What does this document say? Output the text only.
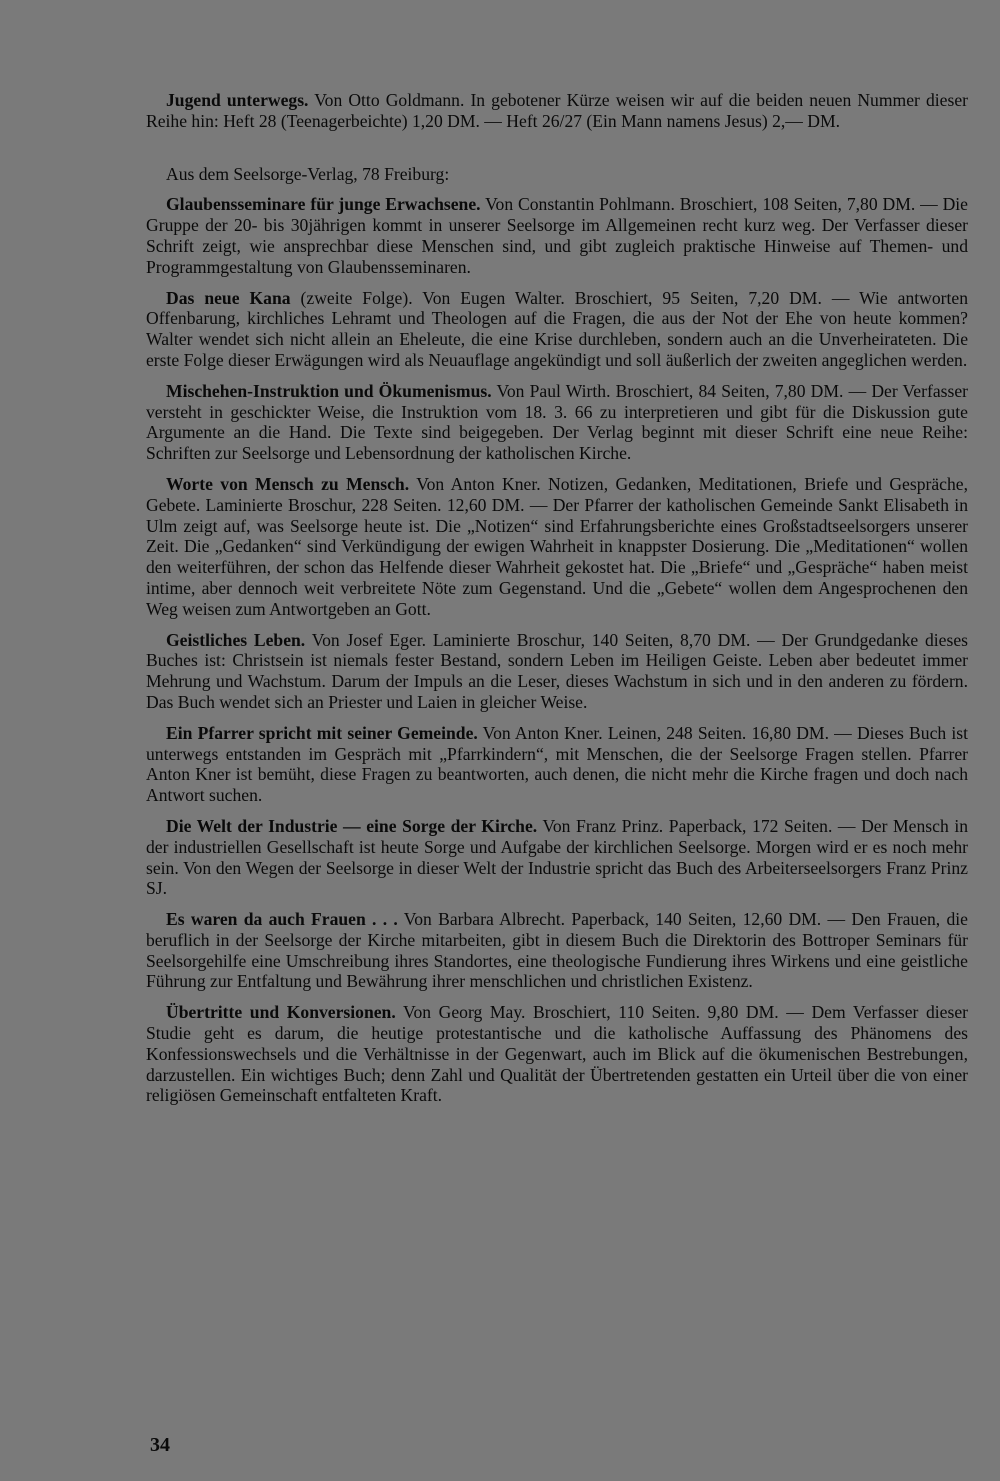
Jugend unterwegs. Von Otto Goldmann. In gebotener Kürze weisen wir auf die beiden neuen Nummer dieser Reihe hin: Heft 28 (Teenagerbeichte) 1,20 DM. — Heft 26/27 (Ein Mann namens Jesus) 2,— DM.

Aus dem Seelsorge-Verlag, 78 Freiburg:

Glaubensseminare für junge Erwachsene. Von Constantin Pohlmann. Broschiert, 108 Seiten, 7,80 DM. — Die Gruppe der 20- bis 30jährigen kommt in unserer Seelsorge im Allgemeinen recht kurz weg. Der Verfasser dieser Schrift zeigt, wie ansprechbar diese Menschen sind, und gibt zugleich praktische Hinweise auf Themen- und Programmgestaltung von Glaubensseminaren.

Das neue Kana (zweite Folge). Von Eugen Walter. Broschiert, 95 Seiten, 7,20 DM. — Wie antworten Offenbarung, kirchliches Lehramt und Theologen auf die Fragen, die aus der Not der Ehe von heute kommen? Walter wendet sich nicht allein an Eheleute, die eine Krise durchleben, sondern auch an die Unverheirateten. Die erste Folge dieser Erwägungen wird als Neuauflage angekündigt und soll äußerlich der zweiten angeglichen werden.

Mischehen-Instruktion und Ökumenismus. Von Paul Wirth. Broschiert, 84 Seiten, 7,80 DM. — Der Verfasser versteht in geschickter Weise, die Instruktion vom 18. 3. 66 zu interpretieren und gibt für die Diskussion gute Argumente an die Hand. Die Texte sind beigegeben. Der Verlag beginnt mit dieser Schrift eine neue Reihe: Schriften zur Seelsorge und Lebensordnung der katholischen Kirche.

Worte von Mensch zu Mensch. Von Anton Kner. Notizen, Gedanken, Meditationen, Briefe und Gespräche, Gebete. Laminierte Broschur, 228 Seiten. 12,60 DM. — Der Pfarrer der katholischen Gemeinde Sankt Elisabeth in Ulm zeigt auf, was Seelsorge heute ist. Die „Notizen“ sind Erfahrungsberichte eines Großstadtseelsorgers unserer Zeit. Die „Gedanken“ sind Verkündigung der ewigen Wahrheit in knappster Dosierung. Die „Meditationen“ wollen den weiterführen, der schon das Helfende dieser Wahrheit gekostet hat. Die „Briefe“ und „Gespräche“ haben meist intime, aber dennoch weit verbreitete Nöte zum Gegenstand. Und die „Gebete“ wollen dem Angesprochenen den Weg weisen zum Antwortgeben an Gott.

Geistliches Leben. Von Josef Eger. Laminierte Broschur, 140 Seiten, 8,70 DM. — Der Grundgedanke dieses Buches ist: Christsein ist niemals fester Bestand, sondern Leben im Heiligen Geiste. Leben aber bedeutet immer Mehrung und Wachstum. Darum der Impuls an die Leser, dieses Wachstum in sich und in den anderen zu fördern. Das Buch wendet sich an Priester und Laien in gleicher Weise.

Ein Pfarrer spricht mit seiner Gemeinde. Von Anton Kner. Leinen, 248 Seiten. 16,80 DM. — Dieses Buch ist unterwegs entstanden im Gespräch mit „Pfarrkindern“, mit Menschen, die der Seelsorge Fragen stellen. Pfarrer Anton Kner ist bemüht, diese Fragen zu beantworten, auch denen, die nicht mehr die Kirche fragen und doch nach Antwort suchen.

Die Welt der Industrie — eine Sorge der Kirche. Von Franz Prinz. Paperback, 172 Seiten. — Der Mensch in der industriellen Gesellschaft ist heute Sorge und Aufgabe der kirchlichen Seelsorge. Morgen wird er es noch mehr sein. Von den Wegen der Seelsorge in dieser Welt der Industrie spricht das Buch des Arbeiterseelsorgers Franz Prinz SJ.

Es waren da auch Frauen . . . Von Barbara Albrecht. Paperback, 140 Seiten, 12,60 DM. — Den Frauen, die beruflich in der Seelsorge der Kirche mitarbeiten, gibt in diesem Buch die Direktorin des Bottroper Seminars für Seelsorgehilfe eine Umschreibung ihres Standortes, eine theologische Fundierung ihres Wirkens und eine geistliche Führung zur Entfaltung und Bewährung ihrer menschlichen und christlichen Existenz.

Übertritte und Konversionen. Von Georg May. Broschiert, 110 Seiten. 9,80 DM. — Dem Verfasser dieser Studie geht es darum, die heutige protestantische und die katholische Auffassung des Phänomens des Konfessionswechsels und die Verhältnisse in der Gegenwart, auch im Blick auf die ökumenischen Bestrebungen, darzustellen. Ein wichtiges Buch; denn Zahl und Qualität der Übertretenden gestatten ein Urteil über die von einer religiösen Gemeinschaft entfalteten Kraft.

34
